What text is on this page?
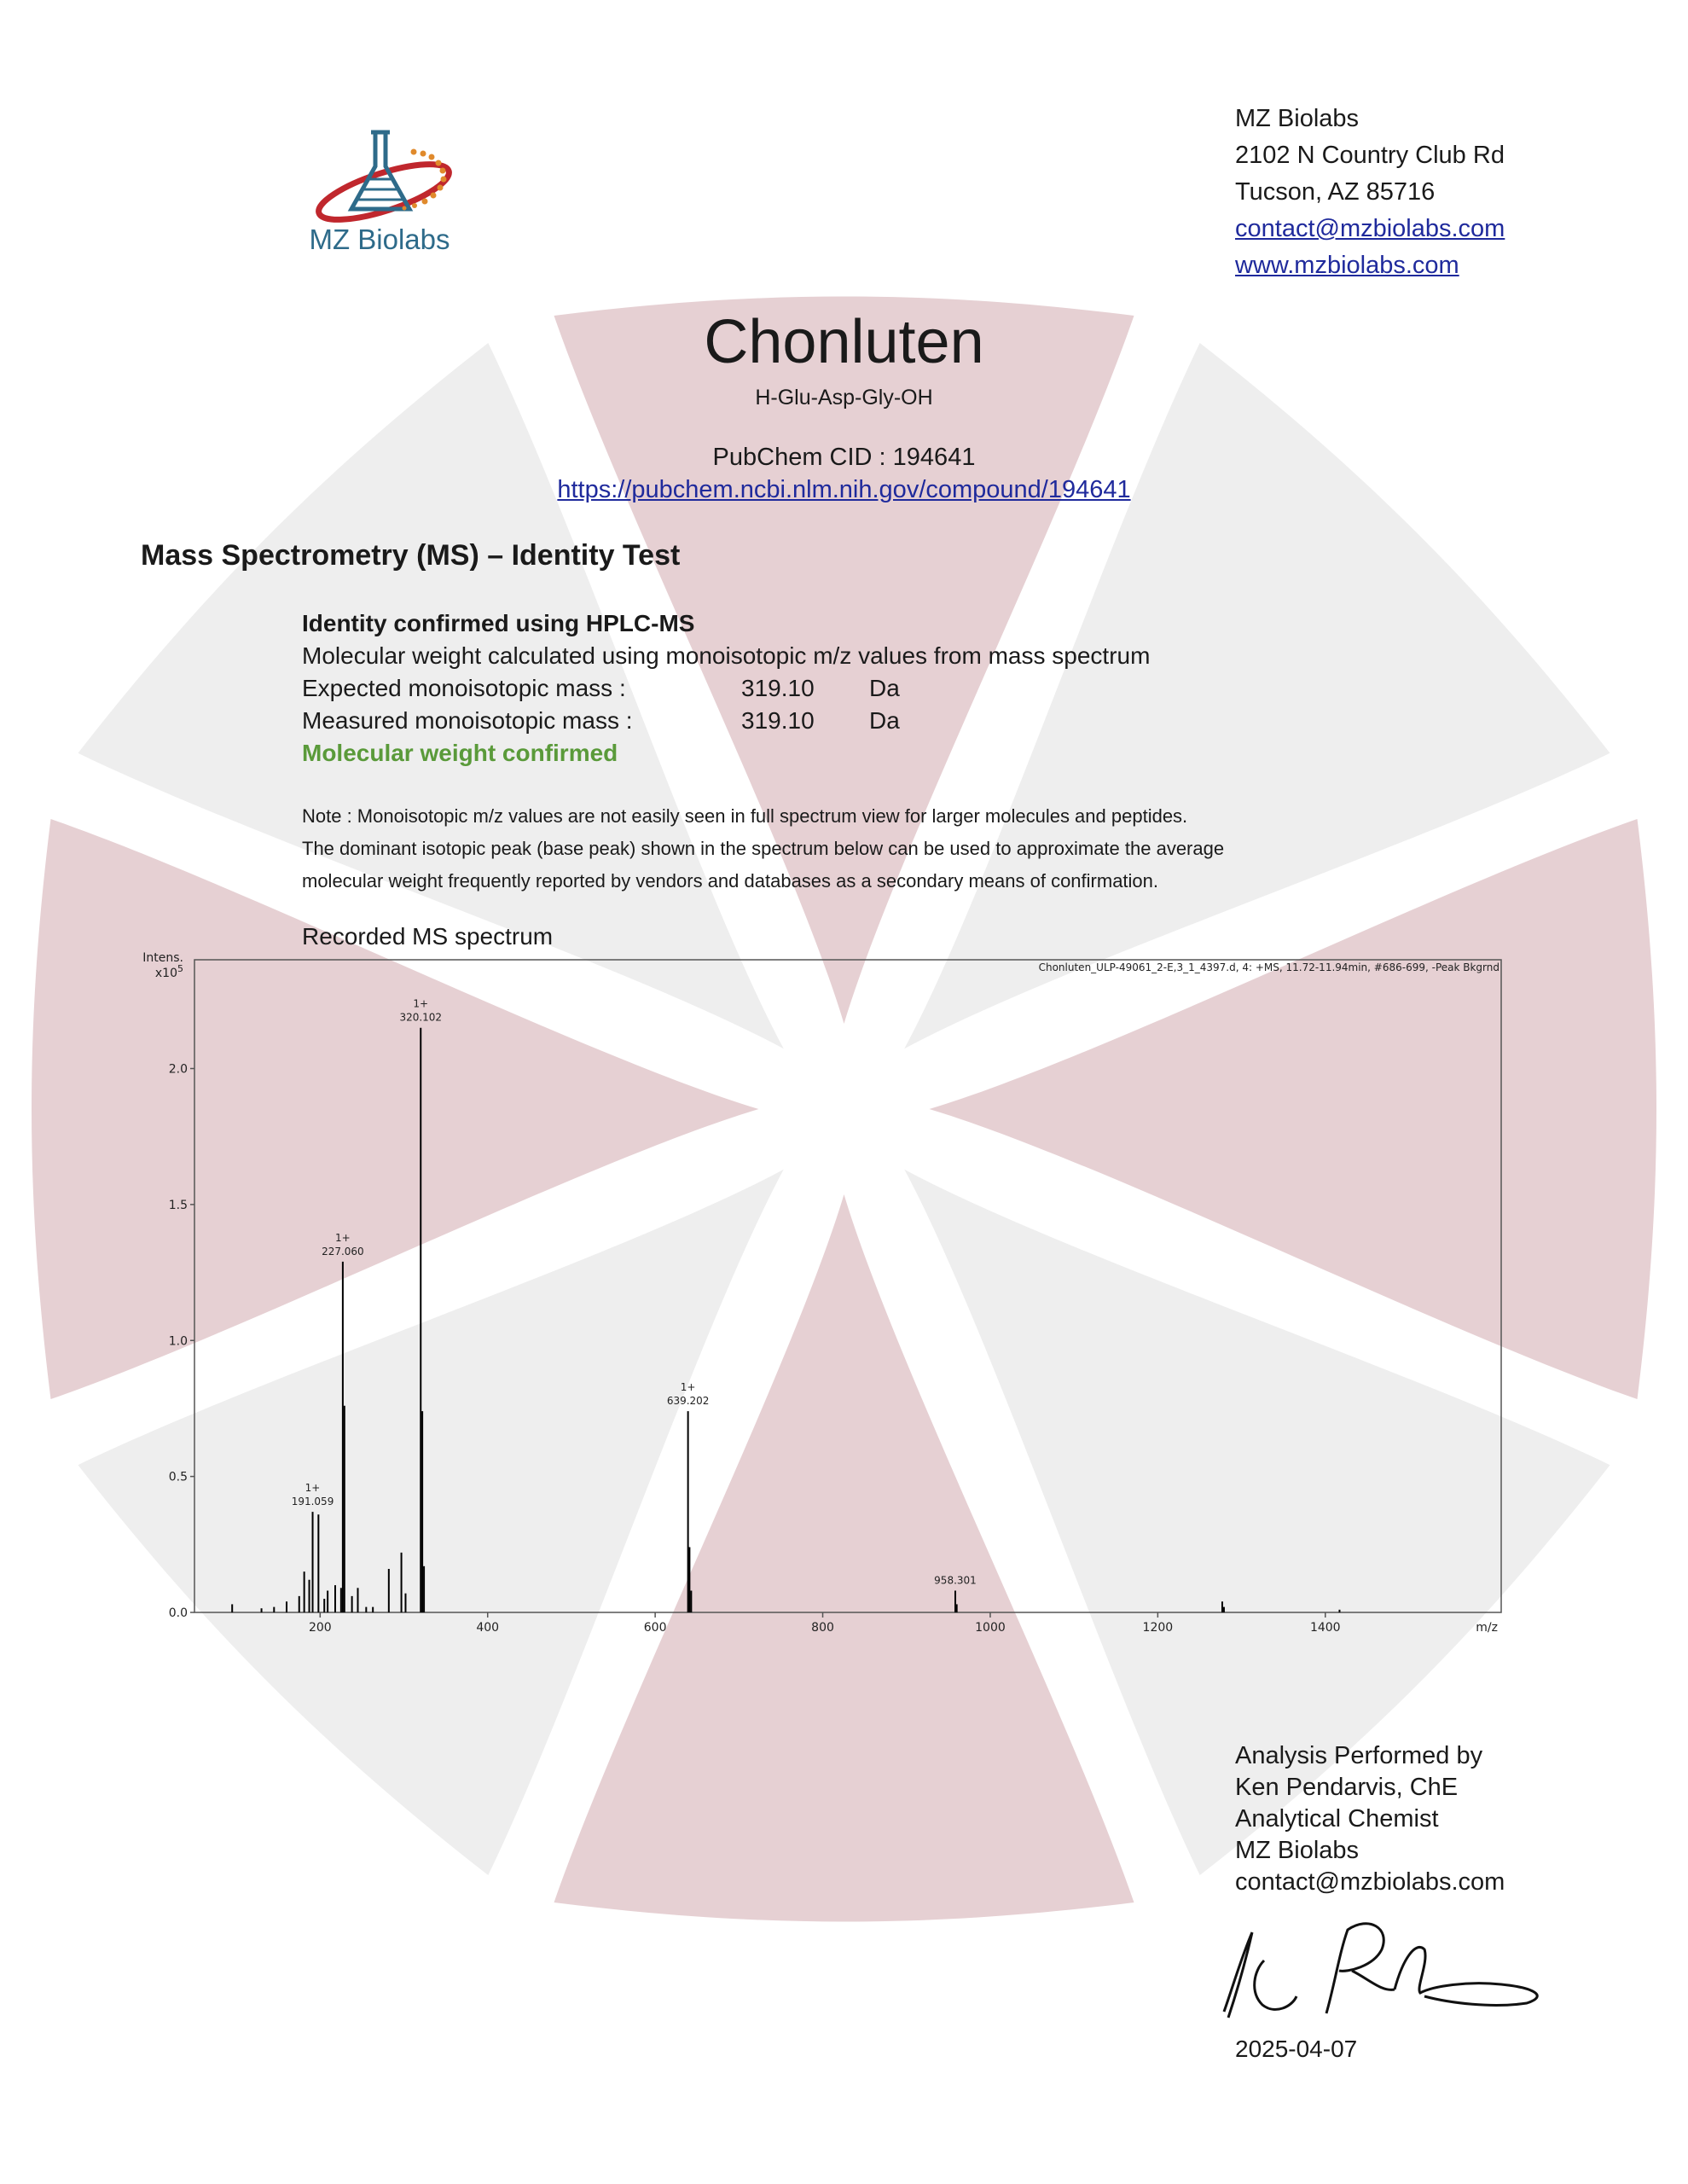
MZ Biolabs
MZ Biolabs
2102 N Country Club Rd
Tucson, AZ 85716
contact@mzbiolabs.com
www.mzbiolabs.com
Chonluten
H-Glu-Asp-Gly-OH
PubChem CID : 194641
https://pubchem.ncbi.nlm.nih.gov/compound/194641
Mass Spectrometry (MS) – Identity Test
Identity confirmed using HPLC-MS
Molecular weight calculated using monoisotopic m/z values from mass spectrum
Expected monoisotopic mass :	319.10	Da
Measured monoisotopic mass :	319.10	Da
Molecular weight confirmed
Note : Monoisotopic m/z values are not easily seen in full spectrum view for larger molecules and peptides.
The dominant isotopic peak (base peak) shown in the spectrum below can be used to approximate the average
molecular weight frequently reported by vendors and databases as a secondary means of confirmation.
Recorded MS spectrum
Chonluten_ULP-49061_2-E,3_1_4397.d, 4: +MS, 11.72-11.94min, #686-699, -Peak Bkgrnd
Intens.
$x10^5$
0.0
0.5
1.0
1.5
2.0
200	400	600	800	1000	1200	1400	m/z
191.059
1+
227.060
1+
320.102
1+
639.202
1+
958.301
Analysis Performed by
Ken Pendarvis, ChE
Analytical Chemist
MZ Biolabs
contact@mzbiolabs.com
2025-04-07
